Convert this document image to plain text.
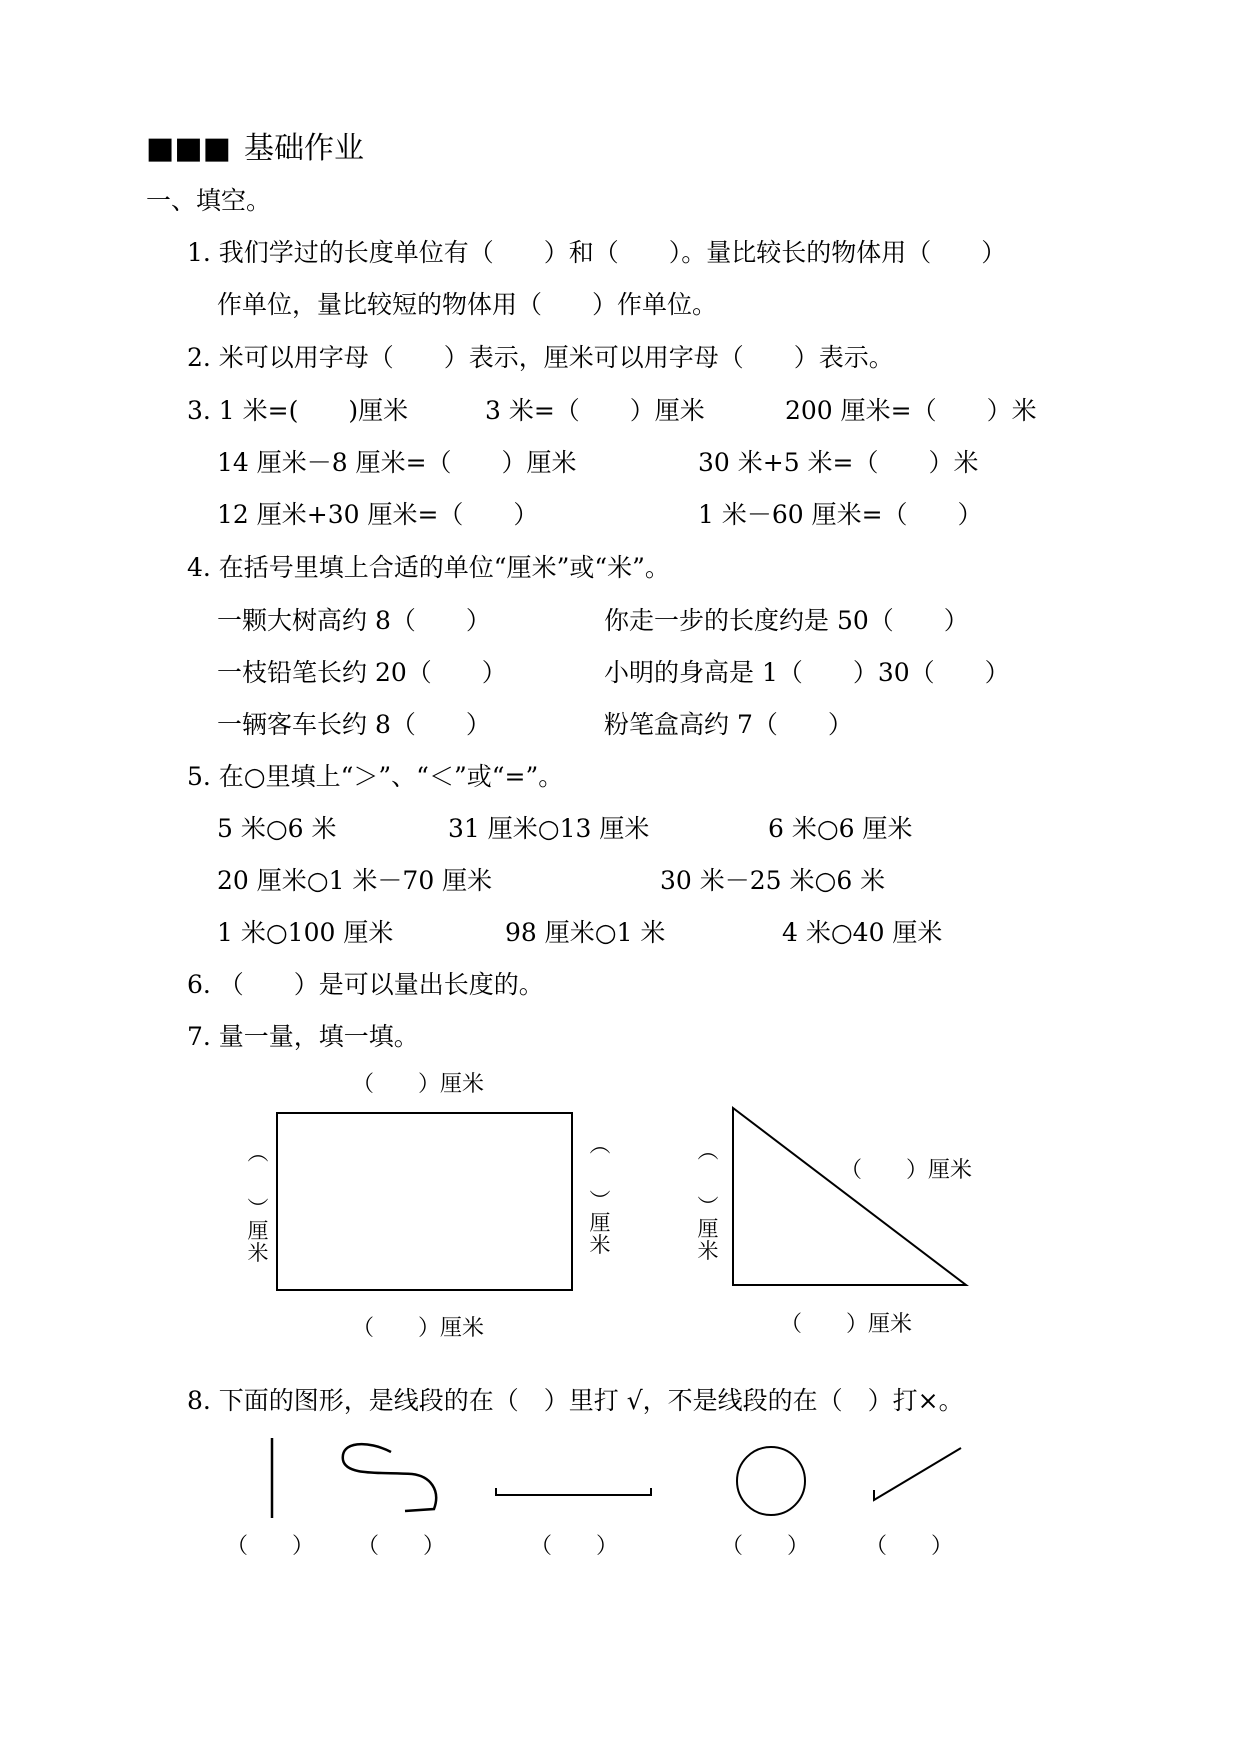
■■■ 基础作业
一、填空。
1. 我们学过的长度单位有（　　）和（　　）。量比较长的物体用（　　）
作单位，量比较短的物体用（　　）作单位。
2. 米可以用字母（　　）表示，厘米可以用字母（　　）表示。
3. 1 米=(　　)厘米	3 米=（　　）厘米	200 厘米=（　　）米
14 厘米－8 厘米=（　　）厘米	30 米+5 米=（　　）米
12 厘米+30 厘米=（　　）	1 米－60 厘米=（　　）
4. 在括号里填上合适的单位“厘米”或“米”。
一颗大树高约 8（　　）	你走一步的长度约是 50（　　）
一枝铅笔长约 20（　　）	小明的身高是 1（　　）30（　　）
一辆客车长约 8（　　）	粉笔盒高约 7（　　）
5. 在○里填上“＞”、“＜”或“=”。
5 米○6 米	31 厘米○13 厘米	6 米○6 厘米
20 厘米○1 米－70 厘米	30 米－25 米○6 米
1 米○100 厘米	98 厘米○1 米	4 米○40 厘米
6. （　　）是可以量出长度的。
7. 量一量，填一填。
（　　）厘米
（　　）厘米
（　　）厘米
（　　）厘米
︵
︶
厘
米
︵
︶
厘
米
︵
︶
厘
米
8. 下面的图形，是线段的在（　）里打 √，不是线段的在（　）打×。
（　　） （　　）	（　　）	（　　）	（　　）
